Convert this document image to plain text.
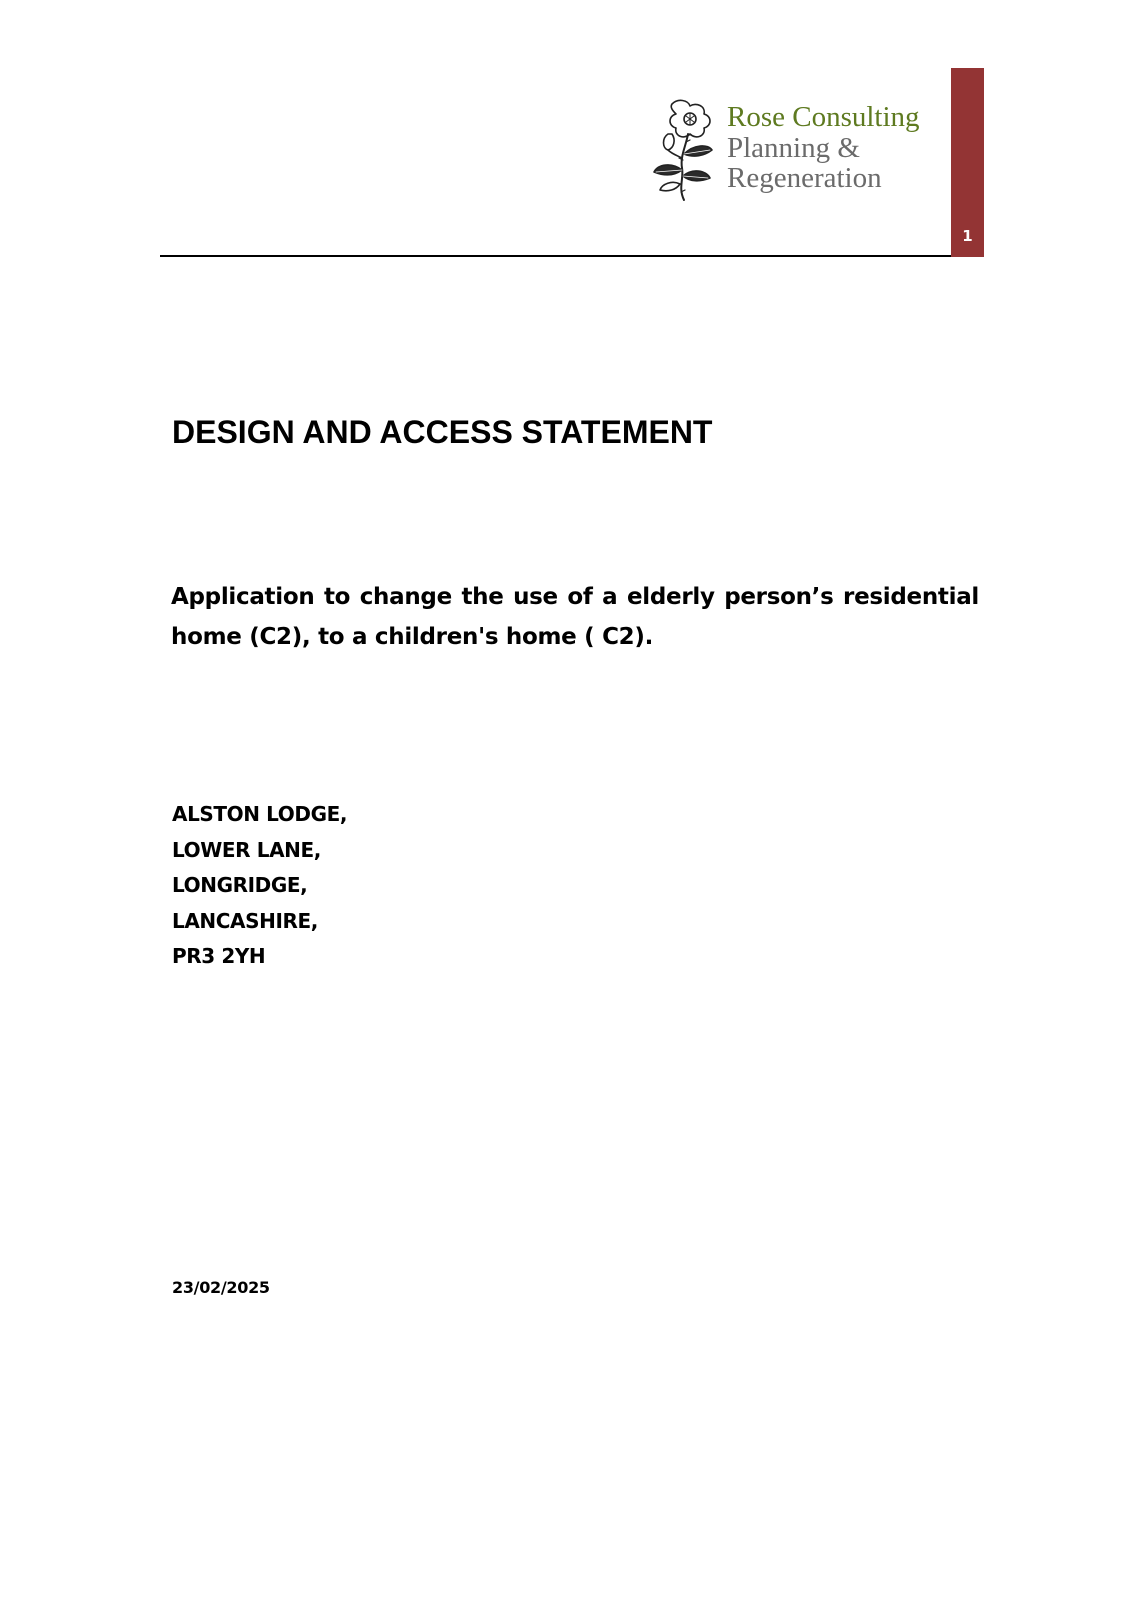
1
Rose Consulting
Planning &
Regeneration
DESIGN AND ACCESS STATEMENT
Application to change the use of a elderly person’s residential home (C2), to a children's home ( C2).
ALSTON LODGE,
LOWER LANE,
LONGRIDGE,
LANCASHIRE,
PR3 2YH
23/02/2025
